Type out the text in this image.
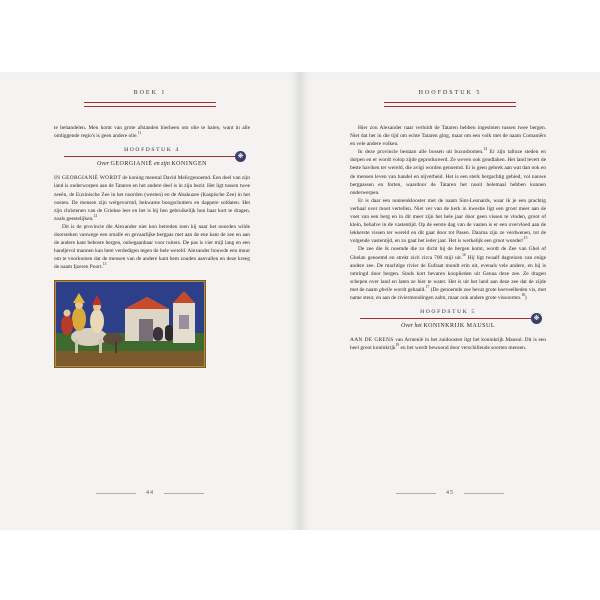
BOEK 1

te behandelen. Men komt van grote afstanden hierheen om olie te halen, want in alle omliggende regio's is geen andere olie.$^{11}$

HOOFDSTUK 4
❋
Over GEORGIANIË en zijn KONINGEN

IN GEORGIANIË WORDT de koning meestal David Melicgenoemd. Een deel van zijn land is onderworpen aan de Tataren en het andere deel is in zijn bezit. Het ligt tussen twee zeeën, de Euxinische Zee in het noorden (westen) en de Abakuzee (Kaspische Zee) in het oosten. De mensen zijn welgevormd, bekwame boogschutters en dappere soldaten. Het zijn christenen van de Griekse leer en het is bij hen gebruikelijk hun haar kort te dragen, zoals geestelijken.$^{12}$

Dit is de provincie die Alexander niet kon betreden toen hij naar het noorden wilde doorsteken vanwege een smalle en gevaarlijke bergpas met aan de ene kant de zee en aan de andere kant beboste bergen, onbegaanbaar voor ruiters. De pas is vier mijl lang en een handjevol mannen kan hem verdedigen tegen de hele wereld. Alexander bouwde een muur om te voorkomen dat de mensen van de andere kant hem zouden aanvallen en deze kreeg de naam Ijzeren Poort.$^{13}$

44
HOOFDSTUK 5

Hier zou Alexander naar verluidt de Tataren hebben ingesloten tussen twee bergen. Niet dat het in die tijd om echte Tataren ging, maar om een volk met de naam Comaniërs en vele andere volken.

In deze provincie bestaan alle bossen uit buxusbomen.$^{14}$ Er zijn talloze steden en dorpen en er wordt volop zijde geproduceerd. Ze weven ook goudlaken. Het land levert de beste haviken ter wereld, die avigi worden genoemd. Er is geen gebrek aan wat dan ook en de mensen leven van handel en nijverheid. Het is een sterk bergachtig gebied, vol nauwe bergpassen en forten, waardoor de Tataren het nooit helemaal hebben kunnen onderwerpen.

Er is daar een nonnenklooster met de naam Sint-Leonards, waar ik je een prachtig verhaal over moet vertellen. Niet ver van de kerk in kwestie ligt een groot meer aan de voet van een berg en in dit meer zijn het hele jaar door geen vissen te vinden, groot of klein, behalve in de vastentijd. Op de eerste dag van de vasten is er een overvloed aan de lekkerste vissen ter wereld en dit gaat door tot Pasen. Daarna zijn ze verdwenen, tot de volgende vastentijd, en zo gaat het ieder jaar. Het is werkelijk een groot wonder!$^{15}$

De zee die ik noemde die zo dicht bij de bergen komt, wordt de Zee van Ghel of Ghelan genoemd en strekt zich circa 700 mijl uit.$^{16}$ Hij ligt twaalf dagreizen van enige andere zee. De machtige rivier de Eufraat mondt erin uit, evenals vele andere, en hij is omringd door bergen. Sinds kort bevaren kooplieden uit Genua deze zee. Ze dragen schepen over land en laten ze hier te water. Het is uit het land aan deze zee dat de zijde met de naam ghelle wordt gehaald.$^{17}$ (De genoemde zee bevat grote hoeveelheden vis, met name steur, en aan de riviermondingen zalm, maar ook andere grote vissoorten.$^{18}$)

HOOFDSTUK 5
❋
Over het KONINKRIJK MAUSUL

AAN DE GRENS van Armenië in het zuidoosten ligt het koninkrijk Mausul. Dit is een heel groot koninkrijk$^{19}$ en het wordt bewoond door verschillende soorten mensen.

45
